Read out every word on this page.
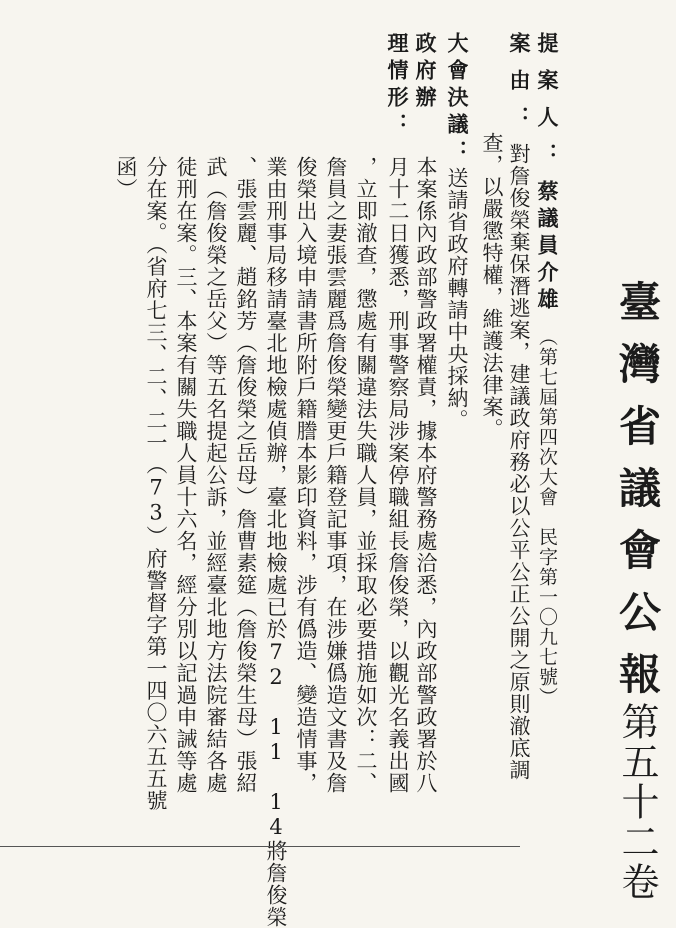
臺灣省議會公報
第五十二卷
提案人：蔡議員介雄（第七屆第四次大會　民字第一〇九七號）
案由：對詹俊榮棄保潛逃案，建議政府務必以公平公正公開之原則澈底調
查，以嚴懲特權，維護法律案。
大會決議：送請省政府轉請中央採納。
政府辦
理情形：
本案係內政部警政署權責，據本府警務處洽悉，內政部警政署於八
月十二日獲悉，刑事警察局涉案停職組長詹俊榮，以觀光名義出國
，立即澈查，懲處有關違法失職人員，並採取必要措施如次：二、
詹員之妻張雲麗爲詹俊榮變更戶籍登記事項，在涉嫌僞造文書及詹
俊榮出入境申請書所附戶籍謄本影印資料，涉有僞造、變造情事，
業由刑事局移請臺北地檢處偵辦，臺北地檢處已於72 11 14將詹俊榮
、張雲麗、趙銘芳（詹俊榮之岳母）詹曹素筵（詹俊榮生母）張紹
武（詹俊榮之岳父）等五名提起公訴，並經臺北地方法院審結各處
徒刑在案。三、本案有關失職人員十六名，經分別以記過申誡等處
分在案。（省府七三、二、二一（73）府警督字第一四〇六五五號
函）
